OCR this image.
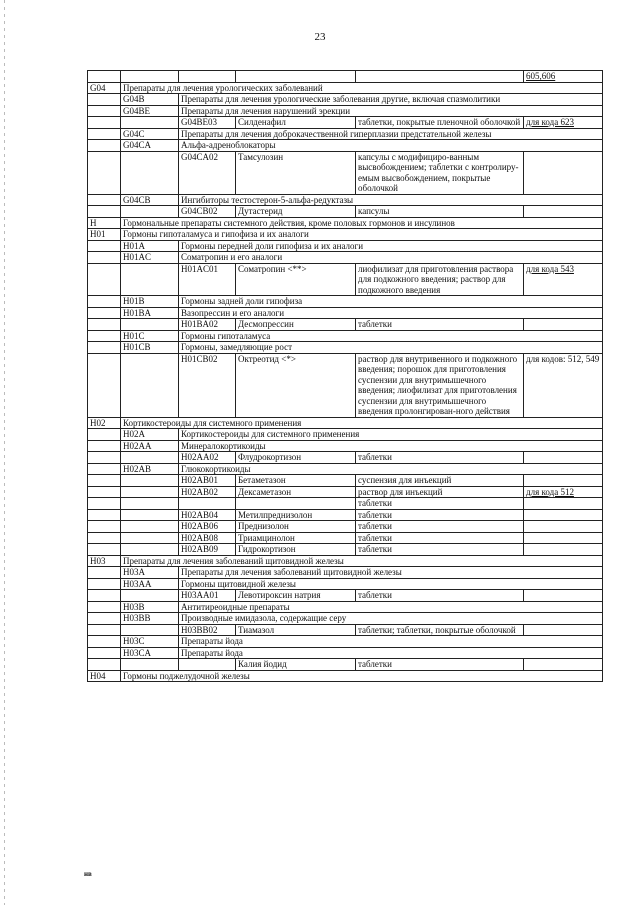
23
					605,606
G04	Препараты для лечения урологических заболеваний				
	G04B	Препараты для лечения урологические заболевания другие, включая спазмолитики			
	G04BE	Препараты для лечения нарушений эрекции			
		G04BE03	Силденафил	таблетки, покрытые пленочной оболочкой	для кода 623
	G04C	Препараты для лечения доброкачественной гиперплазии предстательной железы			
	G04CA	Альфа-адреноблокаторы			
		G04CA02	Тамсулозин	капсулы с модифициро-ванным высвобождением; таблетки с контролиру-емым высвобождением, покрытые оболочкой	
	G04CB	Ингибиторы тестостерон-5-альфа-редуктазы			
		G04CB02	Дутастерид	капсулы	
H	Гормональные препараты системного действия, кроме половых гормонов и инсулинов				
H01	Гормоны гипоталамуса и гипофиза и их аналоги				
	H01A	Гормоны передней доли гипофиза и их аналоги			
	H01AC	Соматропин и его аналоги			
		H01AC01	Соматропин <**>	лиофилизат для приготовления раствора для подкожного введения; раствор для подкожного введения	для кода 543
	H01B	Гормоны задней доли гипофиза			
	H01BA	Вазопрессин и его аналоги			
		H01BA02	Десмопрессин	таблетки	
	H01C	Гормоны гипоталамуса			
	H01CB	Гормоны, замедляющие рост			
		H01CB02	Октреотид <*>	раствор для внутривенного и подкожного введения; порошок для приготовления суспензии для внутримышечного введения; лиофилизат для приготовления суспензии для внутримышечного введения пролонгирован-ного действия	для кодов: 512, 549
H02	Кортикостероиды для системного применения				
	H02A	Кортикостероиды для системного применения			
	H02AA	Минералокортикоиды			
		H02AA02	Флудрокортизон	таблетки	
	H02AB	Глюкокортикоиды			
		H02AB01	Бетаметазон	суспензия для инъекций	
		H02AB02	Дексаметазон	раствор для инъекций	для кода 512
				таблетки	
		H02AB04	Метилпреднизолон	таблетки	
		H02AB06	Преднизолон	таблетки	
		H02AB08	Триамцинолон	таблетки	
		H02AB09	Гидрокортизон	таблетки	
H03	Препараты для лечения заболеваний щитовидной железы				
	H03A	Препараты для лечения заболеваний щитовидной железы			
	H03AA	Гормоны щитовидной железы			
		H03AA01	Левотироксин натрия	таблетки	
	H03B	Антитиреоидные препараты			
	H03BB	Производные имидазола, содержащие серу			
		H03BB02	Тиамазол	таблетки; таблетки, покрытые оболочкой	
	H03C	Препараты йода			
	H03CA	Препараты йода			
			Калия йодид	таблетки	
H04	Гормоны поджелудочной железы				
нв
